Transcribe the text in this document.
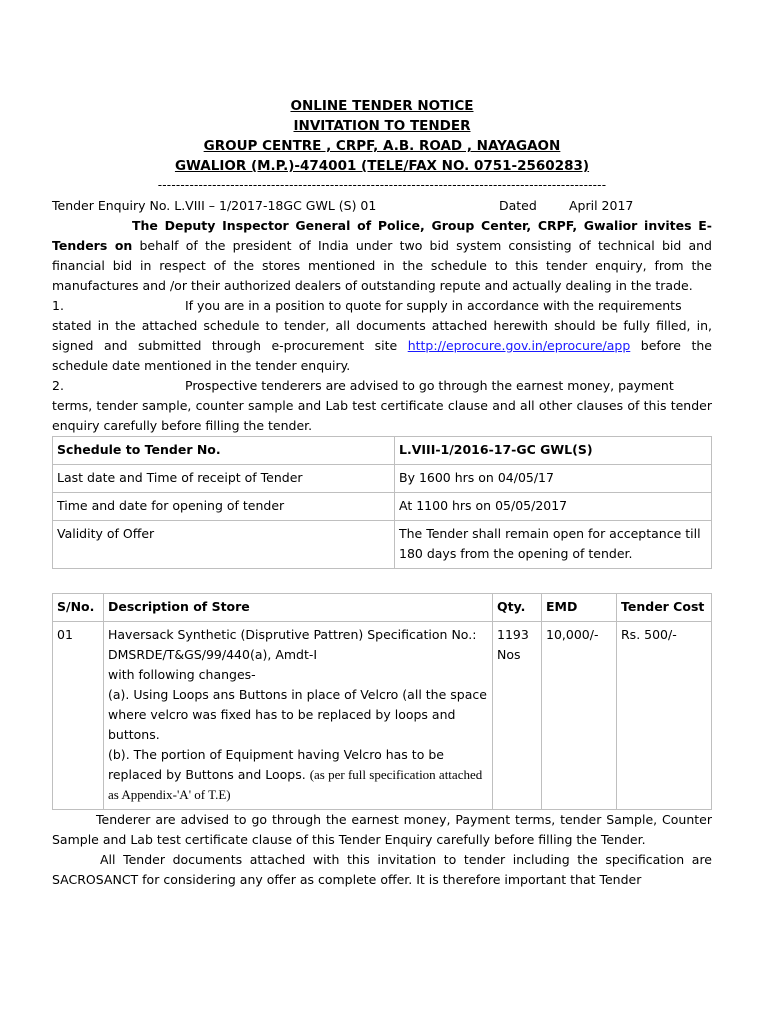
ONLINE TENDER NOTICE
INVITATION TO TENDER
GROUP CENTRE , CRPF, A.B. ROAD , NAYAGAON
GWALIOR (M.P.)-474001 (TELE/FAX NO. 0751-2560283)
---------------------------------------------------------------------------------------------------
Tender Enquiry No. L.VIII – 1/2017-18GC GWL (S) 01	Dated	April 2017

The Deputy Inspector General of Police, Group Center, CRPF, Gwalior invites E-Tenders on behalf of the president of India under two bid system consisting of technical bid and financial bid in respect of the stores mentioned in the schedule to this tender enquiry, from the manufactures and /or their authorized dealers of outstanding repute and actually dealing in the trade.

1.	If you are in a position to quote for supply in accordance with the requirements

stated in the attached schedule to tender, all documents attached herewith should be fully filled, in, signed and submitted through e-procurement site http://eprocure.gov.in/eprocure/app before the schedule date mentioned in the tender enquiry.

2.	Prospective tenderers are advised to go through the earnest money, payment

terms, tender sample, counter sample and Lab test certificate clause and all other clauses of this tender enquiry carefully before filling the tender.

Schedule to Tender No.	L.VIII-1/2016-17-GC GWL(S)
Last date and Time of receipt of Tender	By 1600 hrs on 04/05/17
Time and date for opening of tender	At 1100 hrs on 05/05/2017
Validity of Offer	The Tender shall remain open for acceptance till 180 days from the opening of tender.
S/No.	Description of Store	Qty.	EMD	Tender Cost
01	Haversack Synthetic (Disprutive Pattren) Specification No.: DMSRDE/T&GS/99/440(a), Amdt-I
with following changes-
(a). Using Loops ans Buttons in place of Velcro (all the space where velcro was fixed has to be replaced by loops and buttons.
(b). The portion of Equipment having Velcro has to be replaced by Buttons and Loops. (as per full specification attached as Appendix-'A' of T.E)	1193 Nos	10,000/-	Rs. 500/-

Tenderer are advised to go through the earnest money, Payment terms, tender Sample, Counter Sample and Lab test certificate clause of this Tender Enquiry carefully before filling the Tender.

All Tender documents attached with this invitation to tender including the specification are SACROSANCT for considering any offer as complete offer. It is therefore important that Tender
